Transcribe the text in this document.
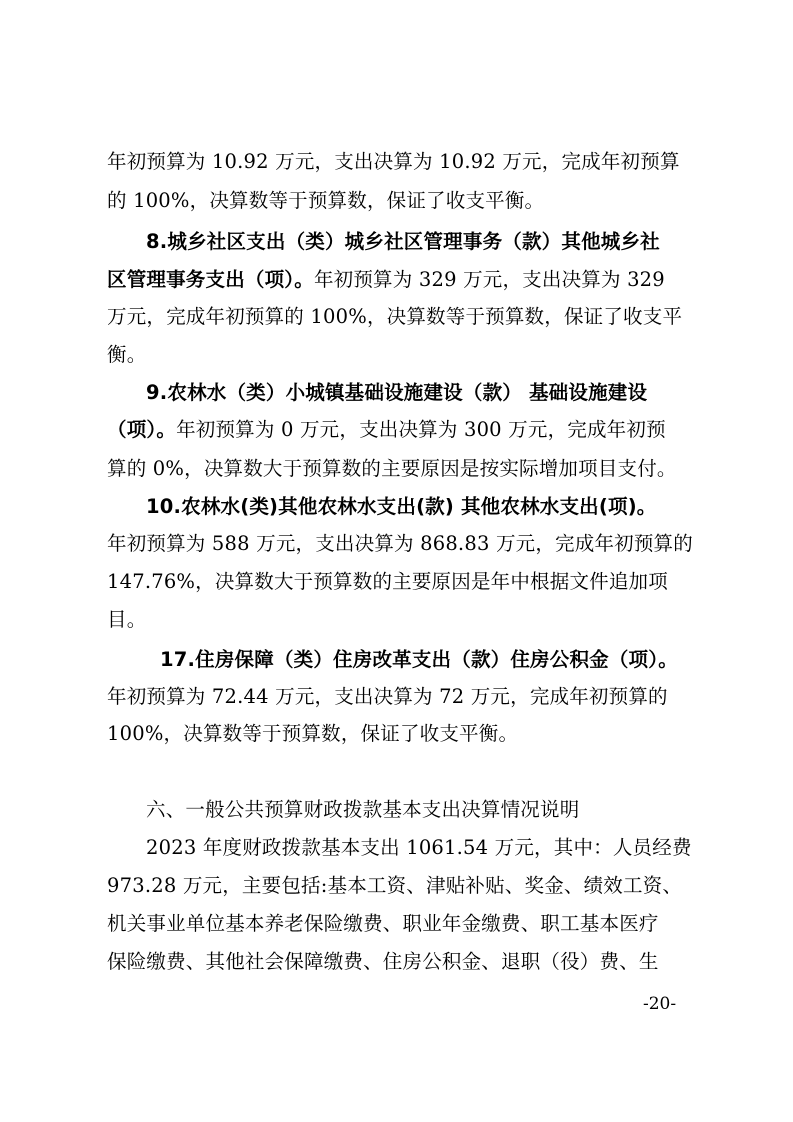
年初预算为 10.92 万元，支出决算为 10.92 万元，完成年初预算
的 100%，决算数等于预算数，保证了收支平衡。
8.城乡社区支出（类）城乡社区管理事务（款）其他城乡社
区管理事务支出（项）。年初预算为 329 万元，支出决算为 329
万元，完成年初预算的 100%，决算数等于预算数，保证了收支平
衡。
9.农林水（类）小城镇基础设施建设（款） 基础设施建设
（项）。年初预算为 0 万元，支出决算为 300 万元，完成年初预
算的 0%，决算数大于预算数的主要原因是按实际增加项目支付。
10.农林水(类)其他农林水支出(款) 其他农林水支出(项)。
年初预算为 588 万元，支出决算为 868.83 万元，完成年初预算的
147.76%，决算数大于预算数的主要原因是年中根据文件追加项
目。
17.住房保障（类）住房改革支出（款）住房公积金（项）。
年初预算为 72.44 万元，支出决算为 72 万元，完成年初预算的
100%，决算数等于预算数，保证了收支平衡。
六、一般公共预算财政拨款基本支出决算情况说明
2023 年度财政拨款基本支出 1061.54 万元，其中：人员经费
973.28 万元，主要包括:基本工资、津贴补贴、奖金、绩效工资、
机关事业单位基本养老保险缴费、职业年金缴费、职工基本医疗
保险缴费、其他社会保障缴费、住房公积金、退职（役）费、生
-20-
